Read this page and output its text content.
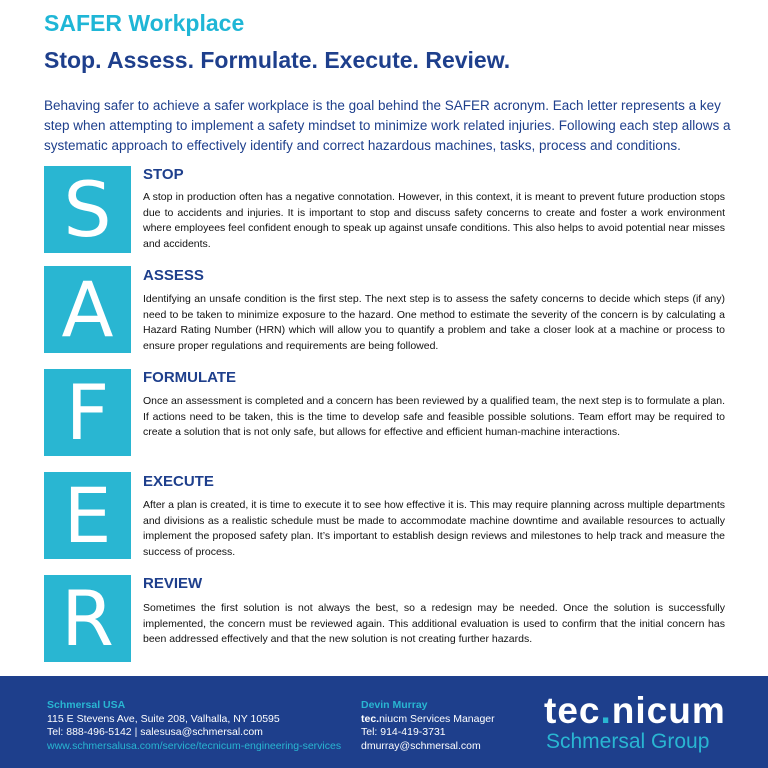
SAFER Workplace
Stop. Assess. Formulate. Execute. Review.
Behaving safer to achieve a safer workplace is the goal behind the SAFER acronym. Each letter represents a key step when attempting to implement a safety mindset to minimize work related injuries. Following each step allows a systematic approach to effectively identify and correct hazardous machines, tasks, process and conditions.
S	STOP
A stop in production often has a negative connotation. However, in this context, it is meant to prevent future production stops due to accidents and injuries. It is important to stop and discuss safety concerns to create and foster a work environment where employees feel confident enough to speak up against unsafe conditions. This also helps to avoid potential near misses and accidents.
A	ASSESS
Identifying an unsafe condition is the first step. The next step is to assess the safety concerns to decide which steps (if any) need to be taken to minimize exposure to the hazard. One method to estimate the severity of the concern is by calculating a Hazard Rating Number (HRN) which will allow you to quantify a problem and take a closer look at a machine or process to ensure proper regulations and requirements are being followed.
F	FORMULATE
Once an assessment is completed and a concern has been reviewed by a qualified team, the next step is to formulate a plan. If actions need to be taken, this is the time to develop safe and feasible possible solutions. Team effort may be required to create a solution that is not only safe, but allows for effective and efficient human-machine interactions.
E	EXECUTE
After a plan is created, it is time to execute it to see how effective it is. This may require planning across multiple departments and divisions as a realistic schedule must be made to accommodate machine downtime and available resources to actually implement the proposed safety plan. It’s important to establish design reviews and milestones to help track and measure the success of process.
R	REVIEW
Sometimes the first solution is not always the best, so a redesign may be needed. Once the solution is successfully implemented, the concern must be reviewed again. This additional evaluation is used to confirm that the initial concern has been addressed effectively and that the new solution is not creating further hazards.
Schmersal USA
115 E Stevens Ave, Suite 208, Valhalla, NY 10595
Tel: 888-496-5142 | salesusa@schmersal.com
www.schmersalusa.com/service/tecnicum-engineering-services
Devin Murray
tec.niucm Services Manager
Tel: 914-419-3731
dmurray@schmersal.com
tec.nicum
Schmersal Group
